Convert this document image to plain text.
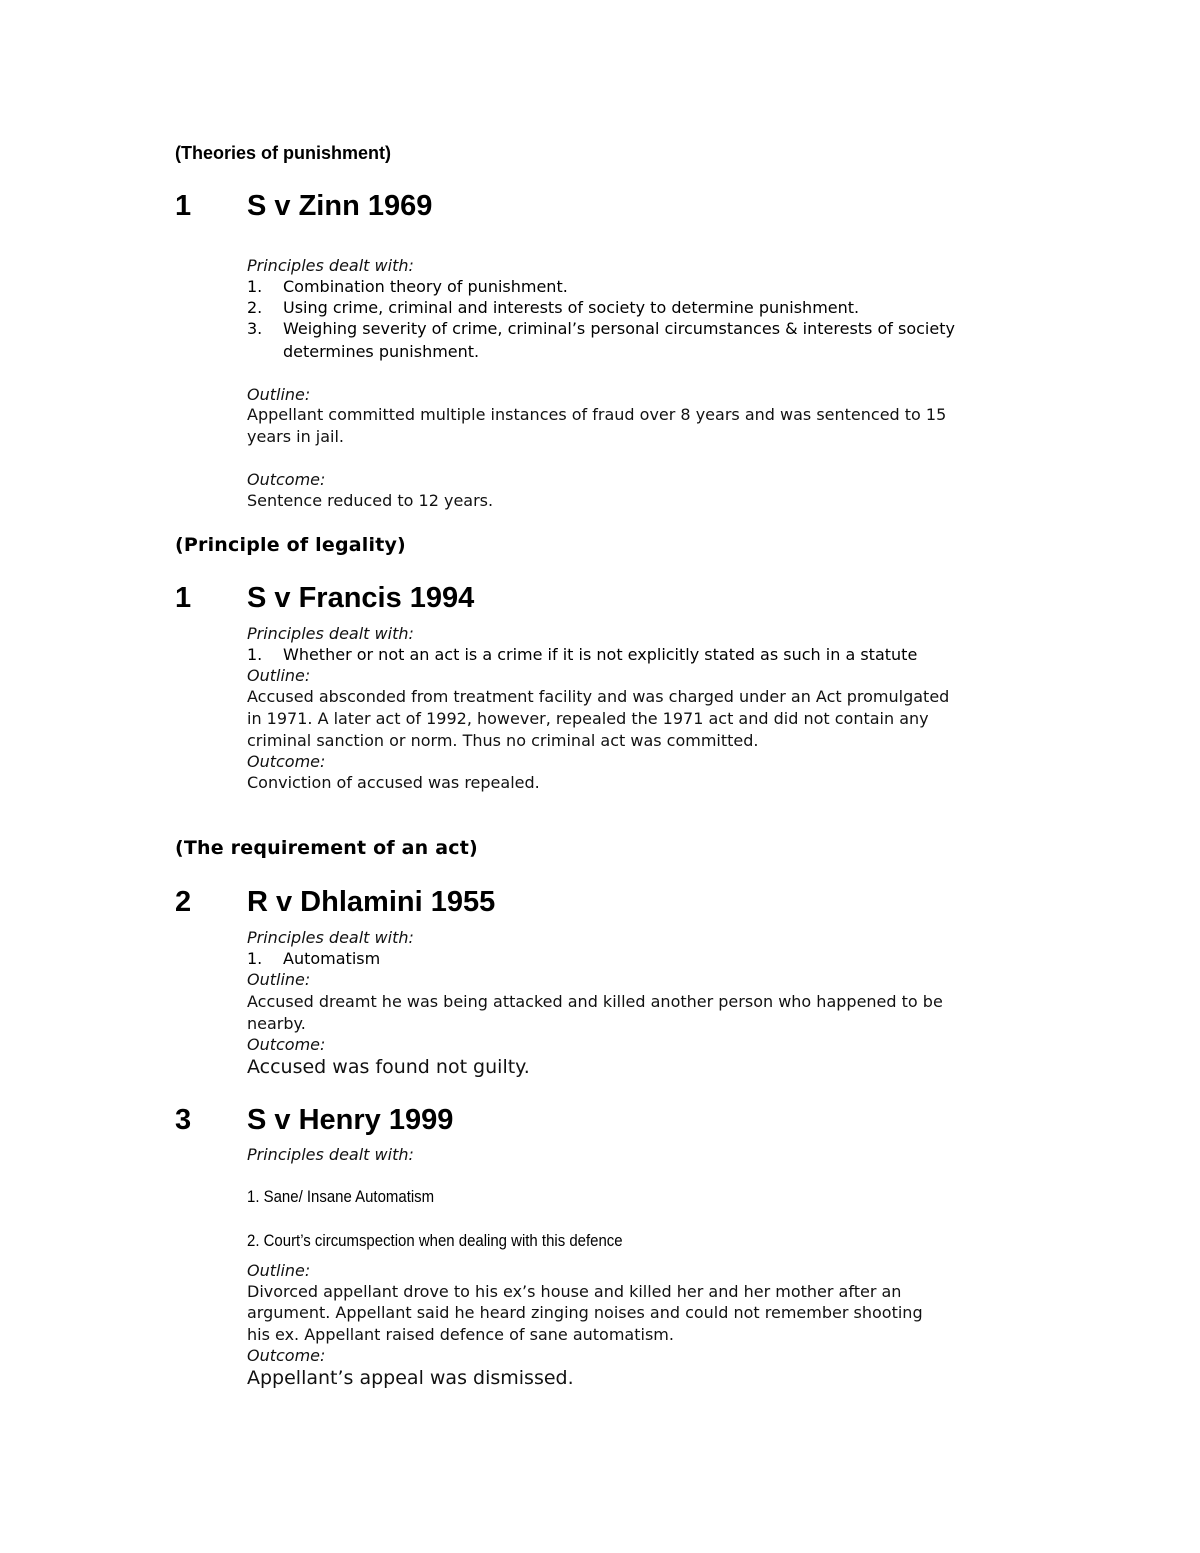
(Theories of punishment)
1 S v Zinn 1969
Principles dealt with:
1. Combination theory of punishment.
2. Using crime, criminal and interests of society to determine punishment.
3. Weighing severity of crime, criminal’s personal circumstances & interests of society
determines punishment.
Outline:
Appellant committed multiple instances of fraud over 8 years and was sentenced to 15
years in jail.
Outcome:
Sentence reduced to 12 years.
(Principle of legality)
1 S v Francis 1994
Principles dealt with:
1. Whether or not an act is a crime if it is not explicitly stated as such in a statute
Outline:
Accused absconded from treatment facility and was charged under an Act promulgated
in 1971. A later act of 1992, however, repealed the 1971 act and did not contain any
criminal sanction or norm. Thus no criminal act was committed.
Outcome:
Conviction of accused was repealed.
(The requirement of an act)
2 R v Dhlamini 1955
Principles dealt with:
1. Automatism
Outline:
Accused dreamt he was being attacked and killed another person who happened to be
nearby.
Outcome:
Accused was found not guilty.
3 S v Henry 1999
Principles dealt with:
1. Sane/ Insane Automatism
2. Court’s circumspection when dealing with this defence
Outline:
Divorced appellant drove to his ex’s house and killed her and her mother after an
argument. Appellant said he heard zinging noises and could not remember shooting
his ex. Appellant raised defence of sane automatism.
Outcome:
Appellant’s appeal was dismissed.
